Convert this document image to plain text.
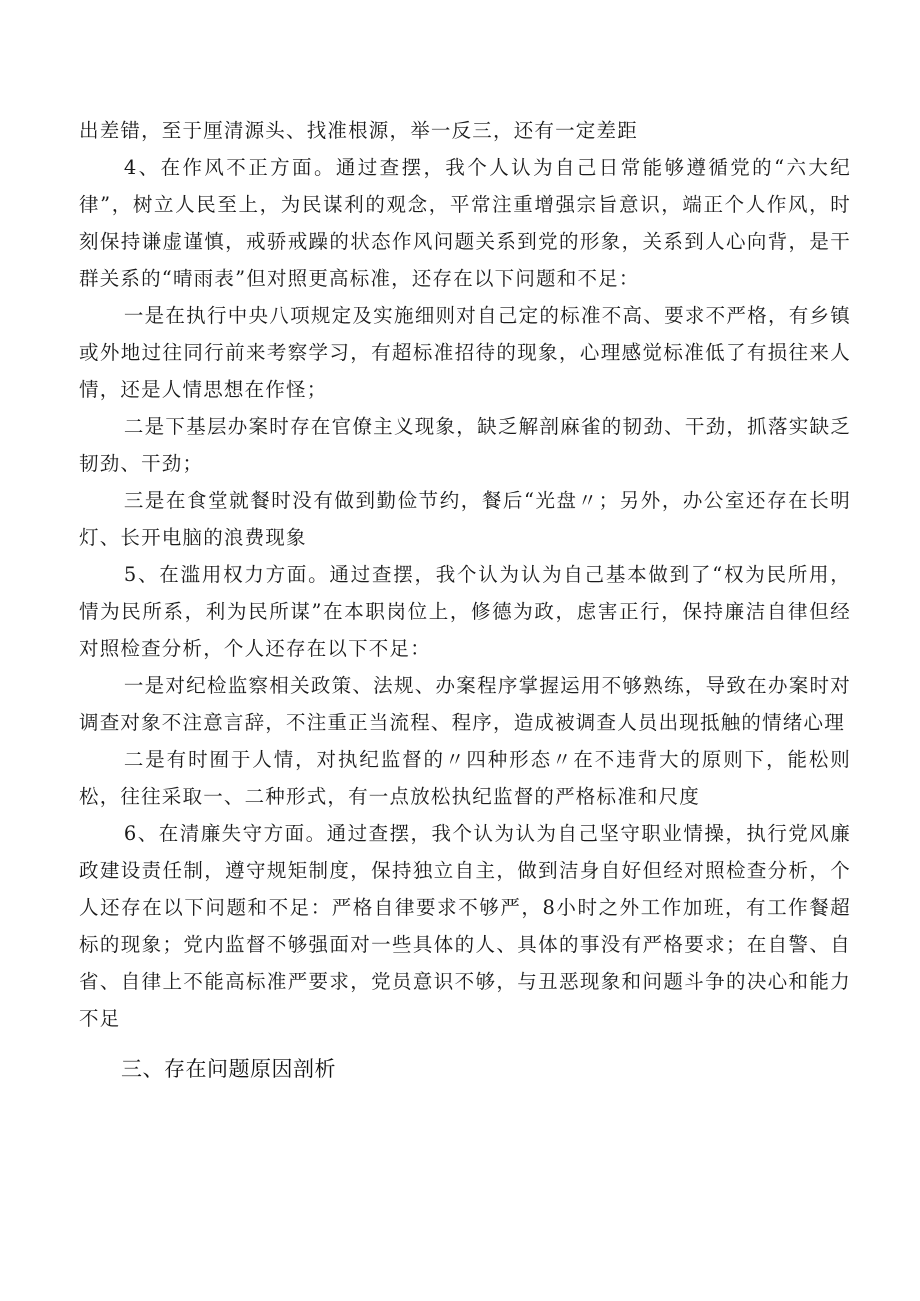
出差错，至于厘清源头、找准根源，举一反三，还有一定差距

4、在作风不正方面。通过查摆，我个人认为自己日常能够遵循党的“六大纪律”，树立人民至上，为民谋利的观念，平常注重增强宗旨意识，端正个人作风，时刻保持谦虚谨慎，戒骄戒躁的状态作风问题关系到党的形象，关系到人心向背，是干群关系的“晴雨表”但对照更高标准，还存在以下问题和不足：

一是在执行中央八项规定及实施细则对自己定的标准不高、要求不严格，有乡镇或外地过往同行前来考察学习，有超标准招待的现象，心理感觉标准低了有损往来人情，还是人情思想在作怪；

二是下基层办案时存在官僚主义现象，缺乏解剖麻雀的韧劲、干劲，抓落实缺乏韧劲、干劲；

三是在食堂就餐时没有做到勤俭节约，餐后“光盘〃；另外，办公室还存在长明灯、长开电脑的浪费现象

5、在滥用权力方面。通过查摆，我个认为认为自己基本做到了“权为民所用，情为民所系，利为民所谋”在本职岗位上，修德为政，虑害正行，保持廉洁自律但经对照检查分析，个人还存在以下不足：

一是对纪检监察相关政策、法规、办案程序掌握运用不够熟练，导致在办案时对调查对象不注意言辞，不注重正当流程、程序，造成被调查人员出现抵触的情绪心理

二是有时囿于人情，对执纪监督的〃四种形态〃在不违背大的原则下，能松则松，往往采取一、二种形式，有一点放松执纪监督的严格标准和尺度

6、在清廉失守方面。通过查摆，我个认为认为自己坚守职业情操，执行党风廉政建设责任制，遵守规矩制度，保持独立自主，做到洁身自好但经对照检查分析，个人还存在以下问题和不足：严格自律要求不够严，8小时之外工作加班，有工作餐超标的现象；党内监督不够强面对一些具体的人、具体的事没有严格要求；在自警、自省、自律上不能高标准严要求，党员意识不够，与丑恶现象和问题斗争的决心和能力不足

三、存在问题原因剖析
